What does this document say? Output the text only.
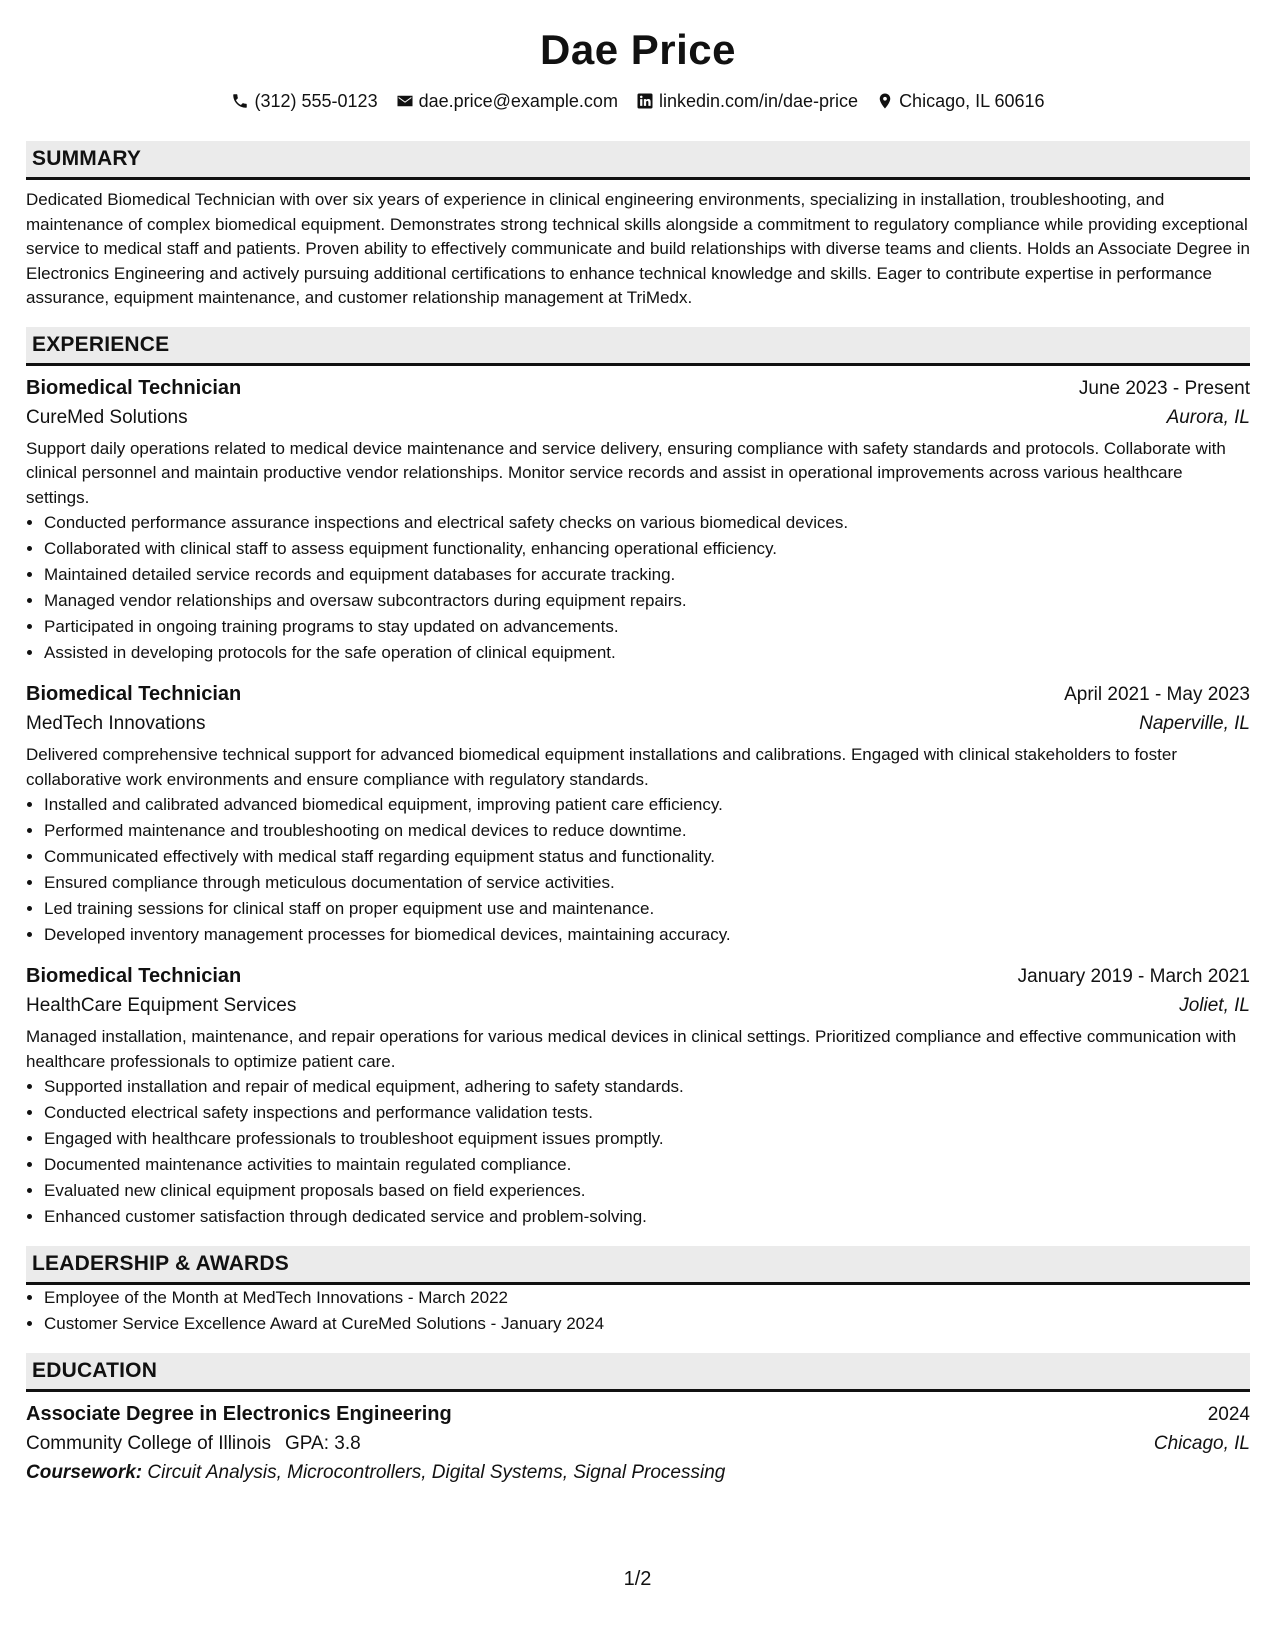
Dae Price
(312) 555-0123 dae.price@example.com linkedin.com/in/dae-price Chicago, IL 60616
SUMMARY

Dedicated Biomedical Technician with over six years of experience in clinical engineering environments, specializing in installation, troubleshooting, and maintenance of complex biomedical equipment. Demonstrates strong technical skills alongside a commitment to regulatory compliance while providing exceptional service to medical staff and patients. Proven ability to effectively communicate and build relationships with diverse teams and clients. Holds an Associate Degree in Electronics Engineering and actively pursuing additional certifications to enhance technical knowledge and skills. Eager to contribute expertise in performance assurance, equipment maintenance, and customer relationship management at TriMedx.

EXPERIENCE
Biomedical Technician	June 2023 - Present
CureMed Solutions	Aurora, IL
Support daily operations related to medical device maintenance and service delivery, ensuring compliance with safety standards and protocols. Collaborate with clinical personnel and maintain productive vendor relationships. Monitor service records and assist in operational improvements across various healthcare settings.
• Conducted performance assurance inspections and electrical safety checks on various biomedical devices.
• Collaborated with clinical staff to assess equipment functionality, enhancing operational efficiency.
• Maintained detailed service records and equipment databases for accurate tracking.
• Managed vendor relationships and oversaw subcontractors during equipment repairs.
• Participated in ongoing training programs to stay updated on advancements.
• Assisted in developing protocols for the safe operation of clinical equipment.
Biomedical Technician	April 2021 - May 2023
MedTech Innovations	Naperville, IL
Delivered comprehensive technical support for advanced biomedical equipment installations and calibrations. Engaged with clinical stakeholders to foster collaborative work environments and ensure compliance with regulatory standards.
• Installed and calibrated advanced biomedical equipment, improving patient care efficiency.
• Performed maintenance and troubleshooting on medical devices to reduce downtime.
• Communicated effectively with medical staff regarding equipment status and functionality.
• Ensured compliance through meticulous documentation of service activities.
• Led training sessions for clinical staff on proper equipment use and maintenance.
• Developed inventory management processes for biomedical devices, maintaining accuracy.
Biomedical Technician	January 2019 - March 2021
HealthCare Equipment Services	Joliet, IL
Managed installation, maintenance, and repair operations for various medical devices in clinical settings. Prioritized compliance and effective communication with healthcare professionals to optimize patient care.
• Supported installation and repair of medical equipment, adhering to safety standards.
• Conducted electrical safety inspections and performance validation tests.
• Engaged with healthcare professionals to troubleshoot equipment issues promptly.
• Documented maintenance activities to maintain regulated compliance.
• Evaluated new clinical equipment proposals based on field experiences.
• Enhanced customer satisfaction through dedicated service and problem-solving.
LEADERSHIP & AWARDS
• Employee of the Month at MedTech Innovations - March 2022
• Customer Service Excellence Award at CureMed Solutions - January 2024
EDUCATION
Associate Degree in Electronics Engineering	2024
Community College of Illinois GPA: 3.8	Chicago, IL
Coursework: Circuit Analysis, Microcontrollers, Digital Systems, Signal Processing
1/2
